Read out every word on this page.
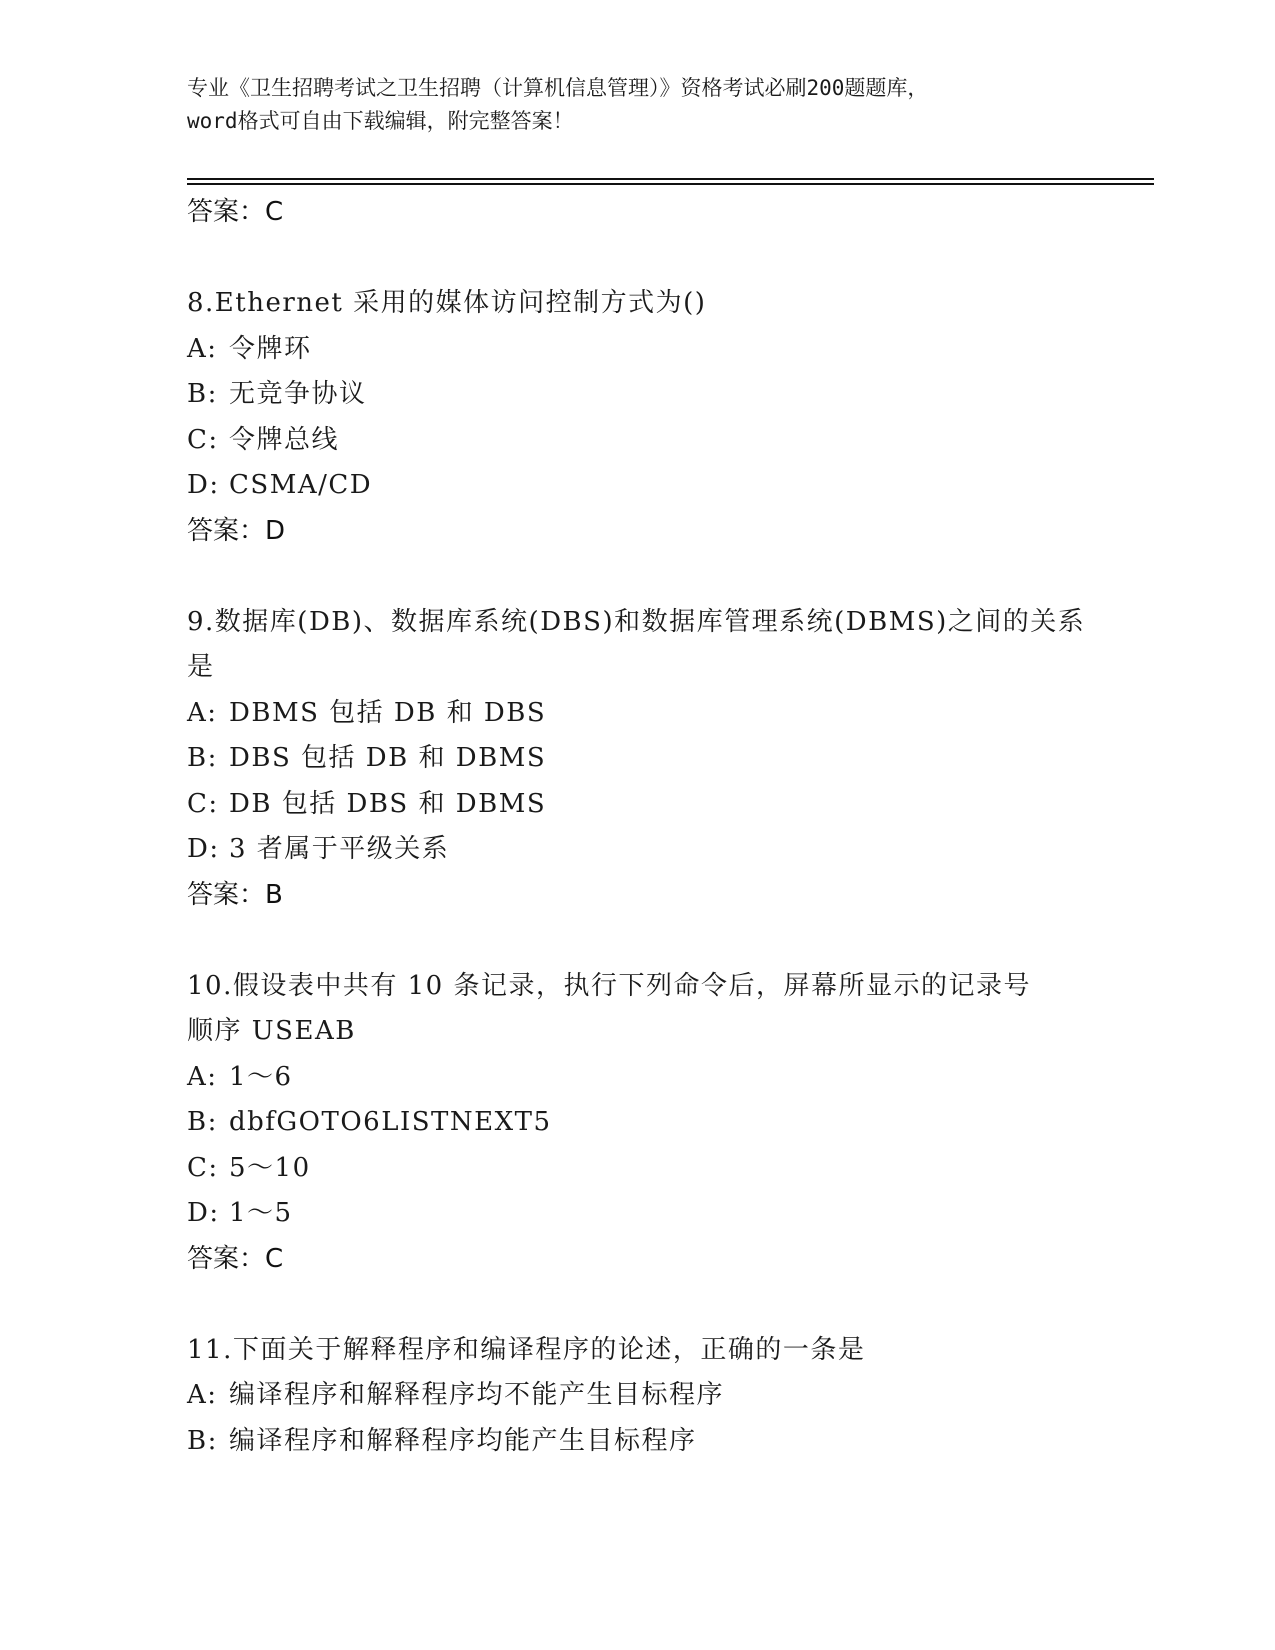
专业《卫生招聘考试之卫生招聘（计算机信息管理）》资格考试必刷200题题库，
word格式可自由下载编辑，附完整答案！
答案：C
8.Ethernet 采用的媒体访问控制方式为()
A: 令牌环
B: 无竞争协议
C: 令牌总线
D: CSMA/CD
答案：D
9.数据库(DB)、数据库系统(DBS)和数据库管理系统(DBMS)之间的关系
是
A: DBMS 包括 DB 和 DBS
B: DBS 包括 DB 和 DBMS
C: DB 包括 DBS 和 DBMS
D: 3 者属于平级关系
答案：B
10.假设表中共有 10 条记录，执行下列命令后，屏幕所显示的记录号
顺序 USEAB
A: 1～6
B: dbfGOTO6LISTNEXT5
C: 5～10
D: 1～5
答案：C
11.下面关于解释程序和编译程序的论述，正确的一条是
A: 编译程序和解释程序均不能产生目标程序
B: 编译程序和解释程序均能产生目标程序
